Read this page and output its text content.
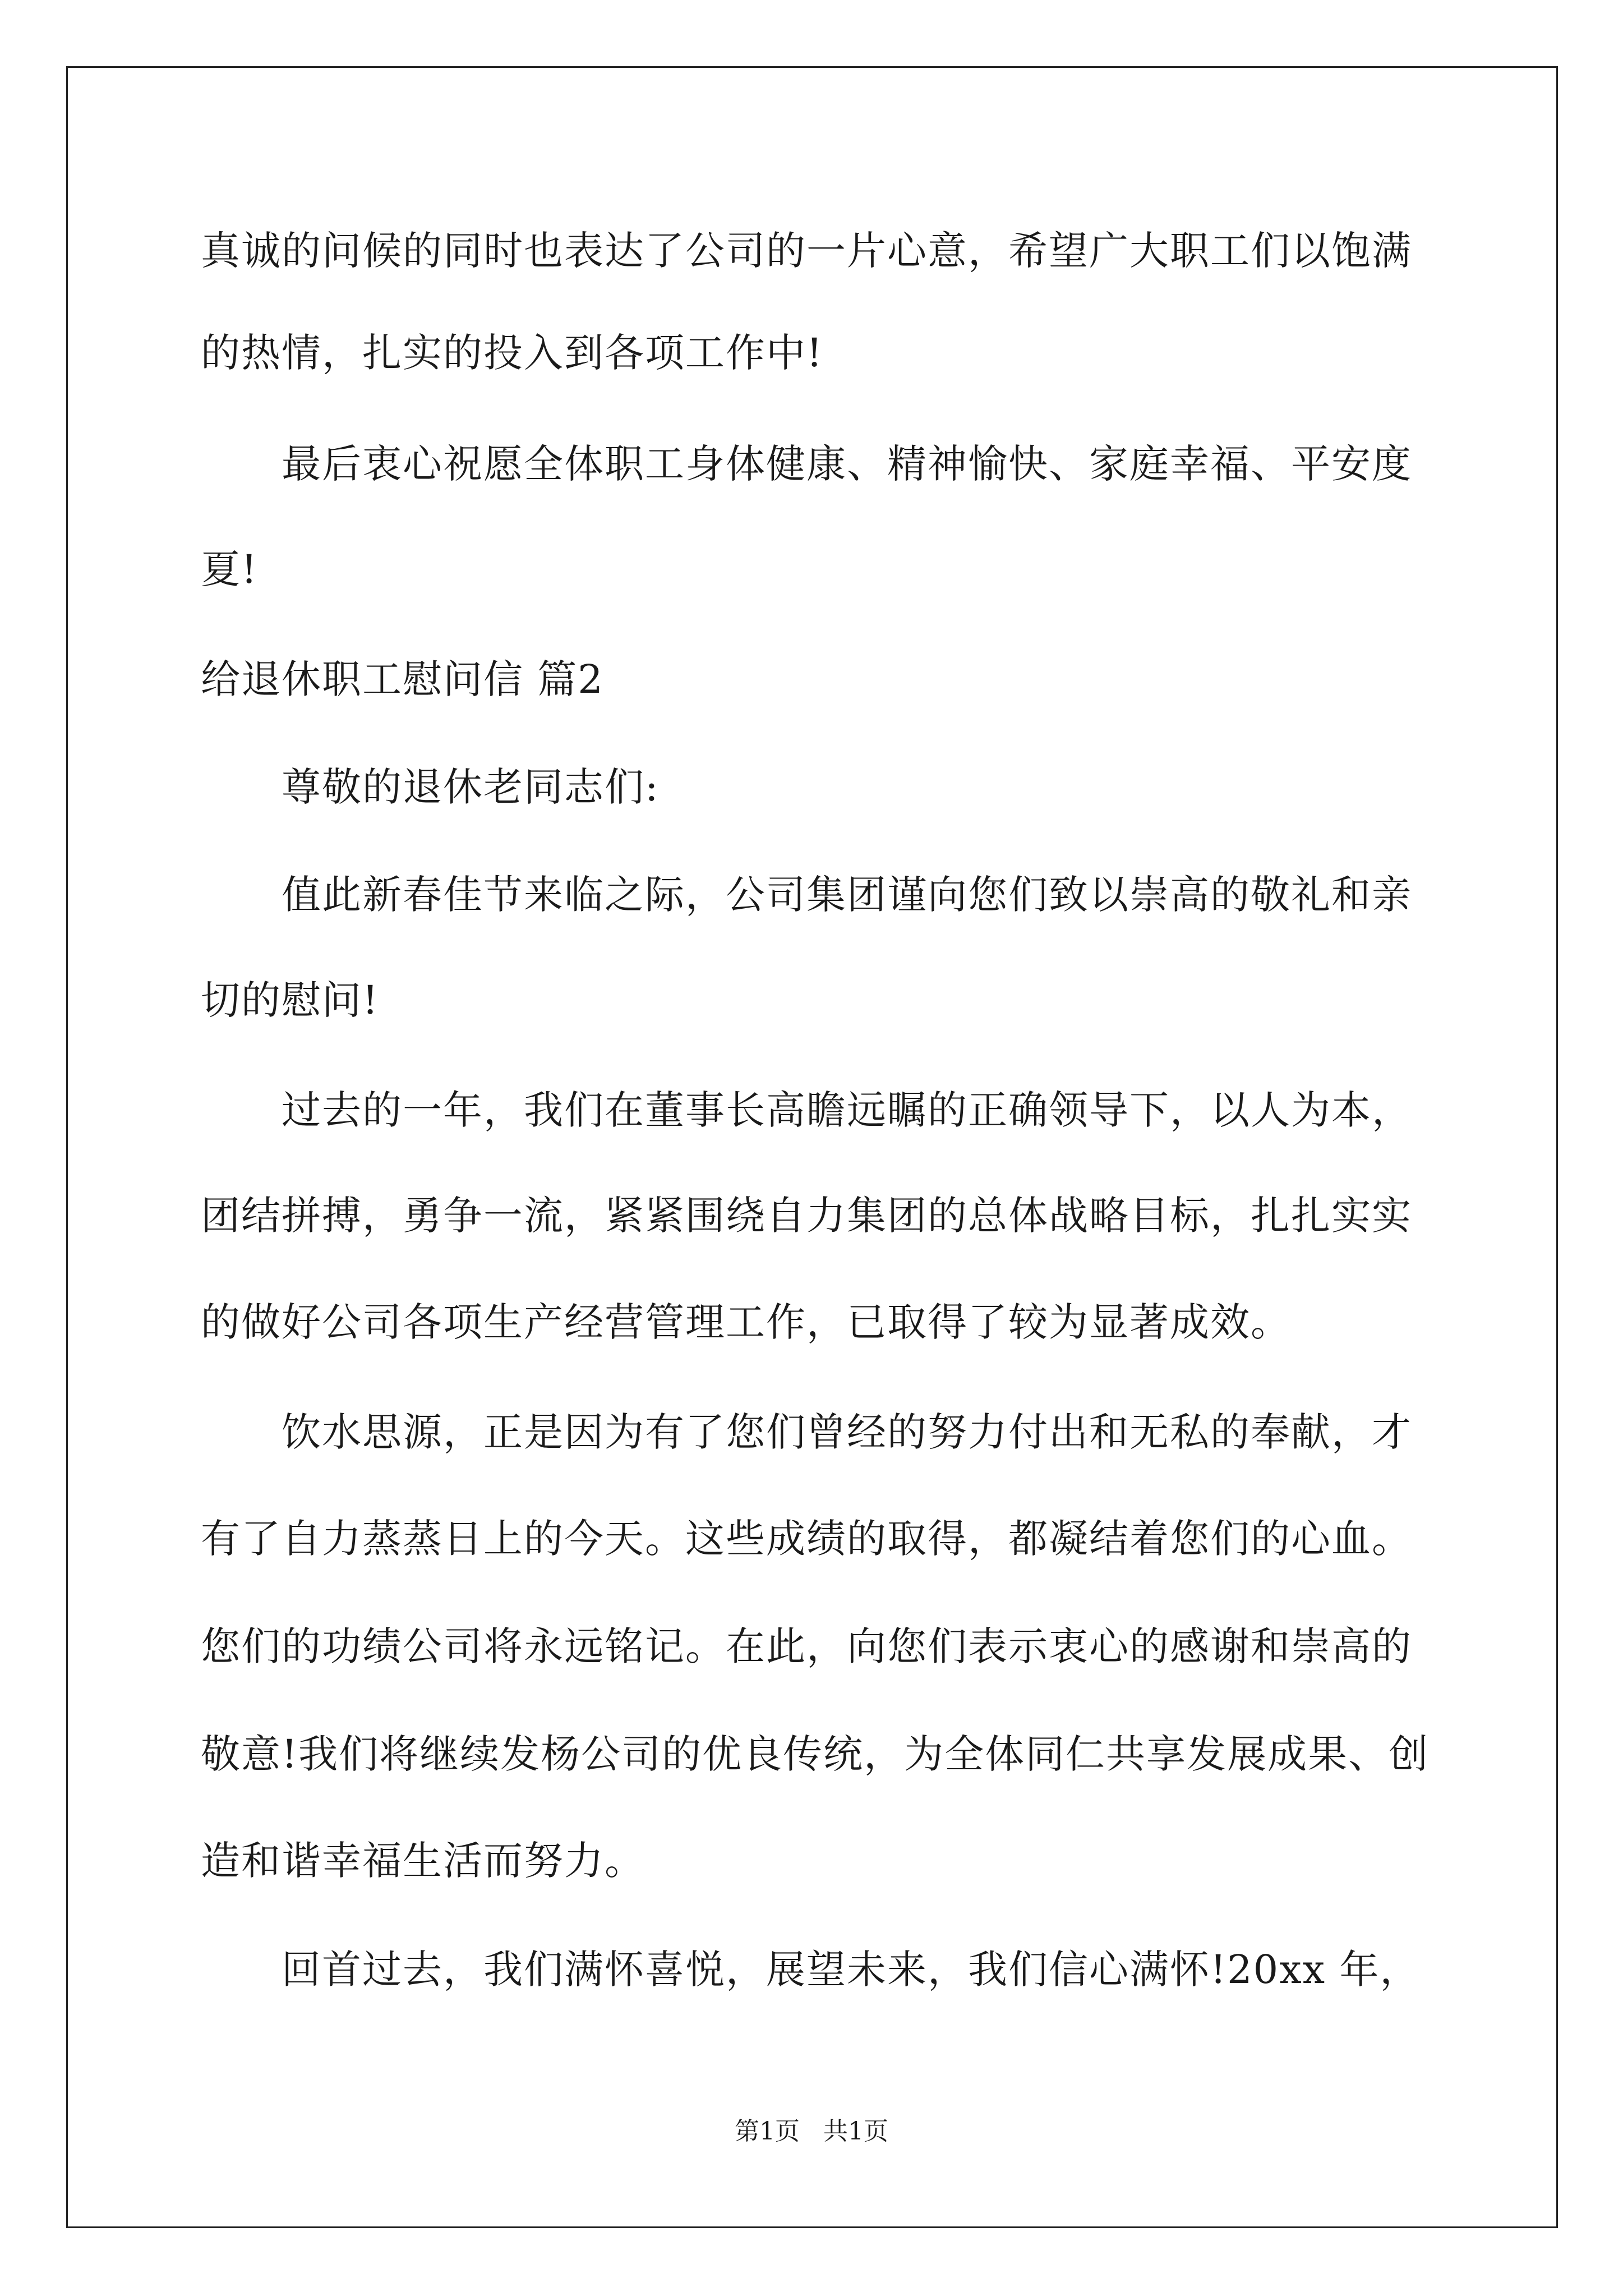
真诚的问候的同时也表达了公司的一片心意，希望广大职工们以饱满
的热情，扎实的投入到各项工作中!
　　最后衷心祝愿全体职工身体健康、精神愉快、家庭幸福、平安度
夏!
给退休职工慰问信 篇2
　　尊敬的退休老同志们:
　　值此新春佳节来临之际，公司集团谨向您们致以崇高的敬礼和亲
切的慰问!
　　过去的一年，我们在董事长高瞻远瞩的正确领导下，以人为本，
团结拼搏，勇争一流，紧紧围绕自力集团的总体战略目标，扎扎实实
的做好公司各项生产经营管理工作，已取得了较为显著成效。
　　饮水思源，正是因为有了您们曾经的努力付出和无私的奉献，才
有了自力蒸蒸日上的今天。这些成绩的取得，都凝结着您们的心血。
您们的功绩公司将永远铭记。在此，向您们表示衷心的感谢和崇高的
敬意!我们将继续发杨公司的优良传统，为全体同仁共享发展成果、创
造和谐幸福生活而努力。
　　回首过去，我们满怀喜悦，展望未来，我们信心满怀!20xx 年，
第1页   共1页
